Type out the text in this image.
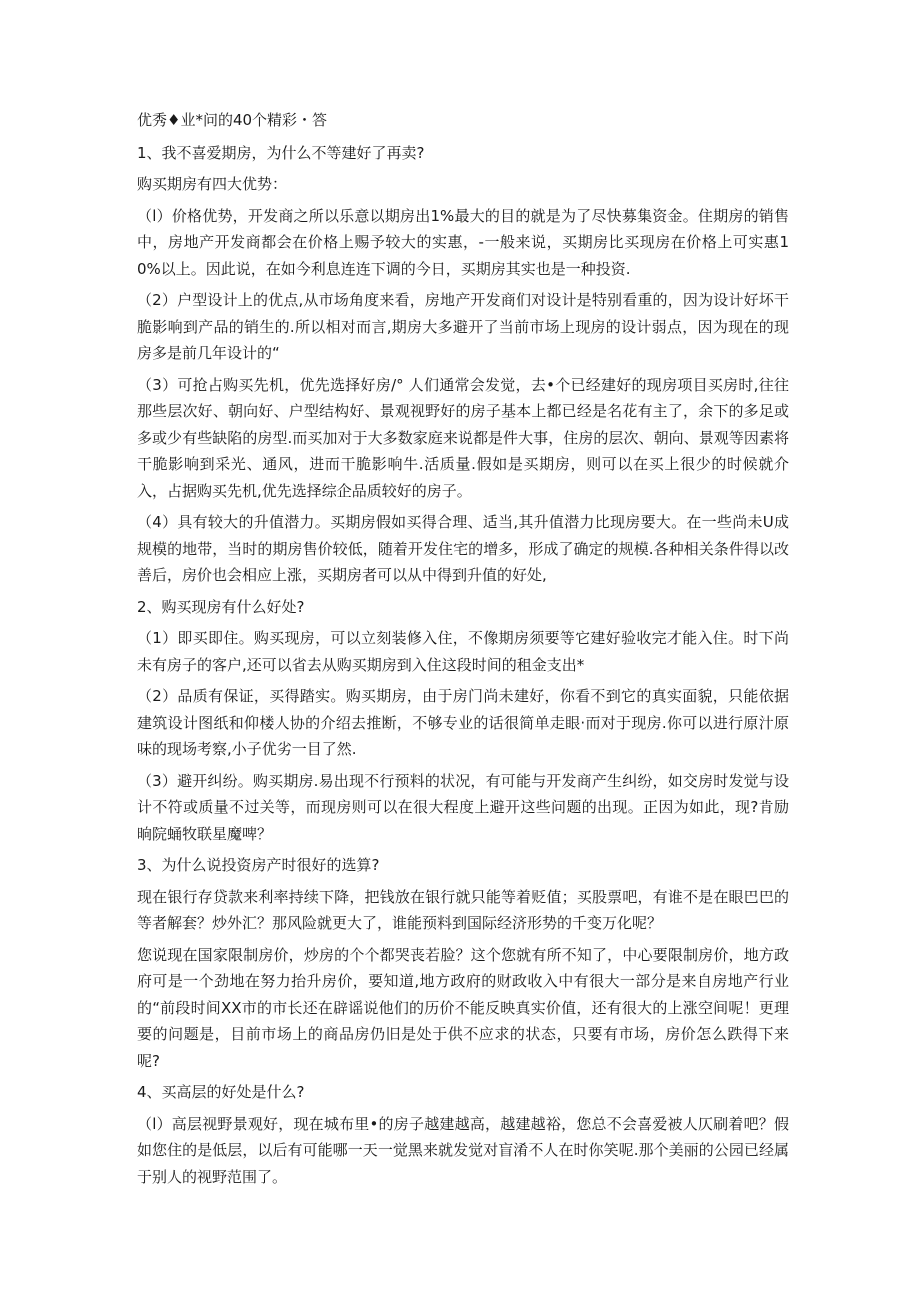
优秀♦业*问的40个精彩・答
1、我不喜爱期房，为什么不等建好了再卖?
购买期房有四大优势：
（l）价格优势，开发商之所以乐意以期房出1%最大的目的就是为了尽快募集资金。住期房的销售中，房地产开发商都会在价格上赐予较大的实惠，-一般来说，买期房比买现房在价格上可实惠10%以上。因此说，在如今利息连连下调的今日，买期房其实也是一种投资.
（2）户型设计上的优点,从市场角度来看，房地产开发商们对设计是特别看重的，因为设计好坏干脆影响到产品的销生的.所以相对而言,期房大多避开了当前市场上现房的设计弱点，因为现在的现房多是前几年设计的“
（3）可抢占购买先机，优先选择好房/° 人们通常会发觉，去•个已经建好的现房项目买房时,往往那些层次好、朝向好、户型结构好、景观视野好的房子基本上都已经是名花有主了，余下的多足或多或少有些缺陷的房型.而买加对于大多数家庭来说都是件大事，住房的层次、朝向、景观等因素将干脆影响到采光、通风，进而干脆影响牛.活质量.假如是买期房，则可以在买上很少的时候就介入，占据购买先机,优先选择综企品质较好的房子。
（4）具有较大的升值潜力。买期房假如买得合理、适当,其升值潜力比现房要大。在一些尚未U成规模的地带，当时的期房售价较低，随着开发住宅的增多，形成了确定的规模.各种相关条件得以改善后，房价也会相应上涨，买期房者可以从中得到升值的好处,
2、购买现房有什么好处?
（1）即买即住。购买现房，可以立刻装修入住，不像期房须要等它建好验收完才能入住。时下尚未有房子的客户,还可以省去从购买期房到入住这段时间的租金支出*
（2）品质有保证，买得踏实。购买期房，由于房门尚未建好，你看不到它的真实面貌，只能依据建筑设计图纸和仰楼人协的介绍去推断，不够专业的话很简单走眼·而对于现房.你可以进行原汁原味的现场考察,小子优劣一目了然.
（3）避开纠纷。购买期房.易出现不行预料的状况，有可能与开发商产生纠纷，如交房时发觉与设计不符或质量不过关等，而现房则可以在很大程度上避开这些问题的出现。正因为如此，现?肯励晌院蛹牧联星魔啤？
3、为什么说投资房产时很好的选算?
现在银行存贷款来利率持续下降，把钱放在银行就只能等着贬值；买股票吧，有谁不是在眼巴巴的等者解套？炒外汇？那风险就更大了，谁能预料到国际经济形势的千变万化呢？
您说现在国家限制房价，炒房的个个都哭丧若脸？这个您就有所不知了，中心要限制房价，地方政府可是一个劲地在努力抬升房价，要知道,地方政府的财政收入中有很大一部分是来自房地产行业的“前段时间XX市的市长还在辟谣说他们的历价不能反映真实价值，还有很大的上涨空间呢！更理要的问题是，目前市场上的商品房仍旧是处于供不应求的状态，只要有市场，房价怎么跌得下来呢?
4、买高层的好处是什么?
（l）高层视野景观好，现在城布里•的房子越建越高，越建越裕，您总不会喜爱被人仄刷着吧？假如您住的是低层，以后有可能哪一天一觉黑来就发觉对盲淆不人在时你笑呢.那个美丽的公园已经属于别人的视野范围了。
